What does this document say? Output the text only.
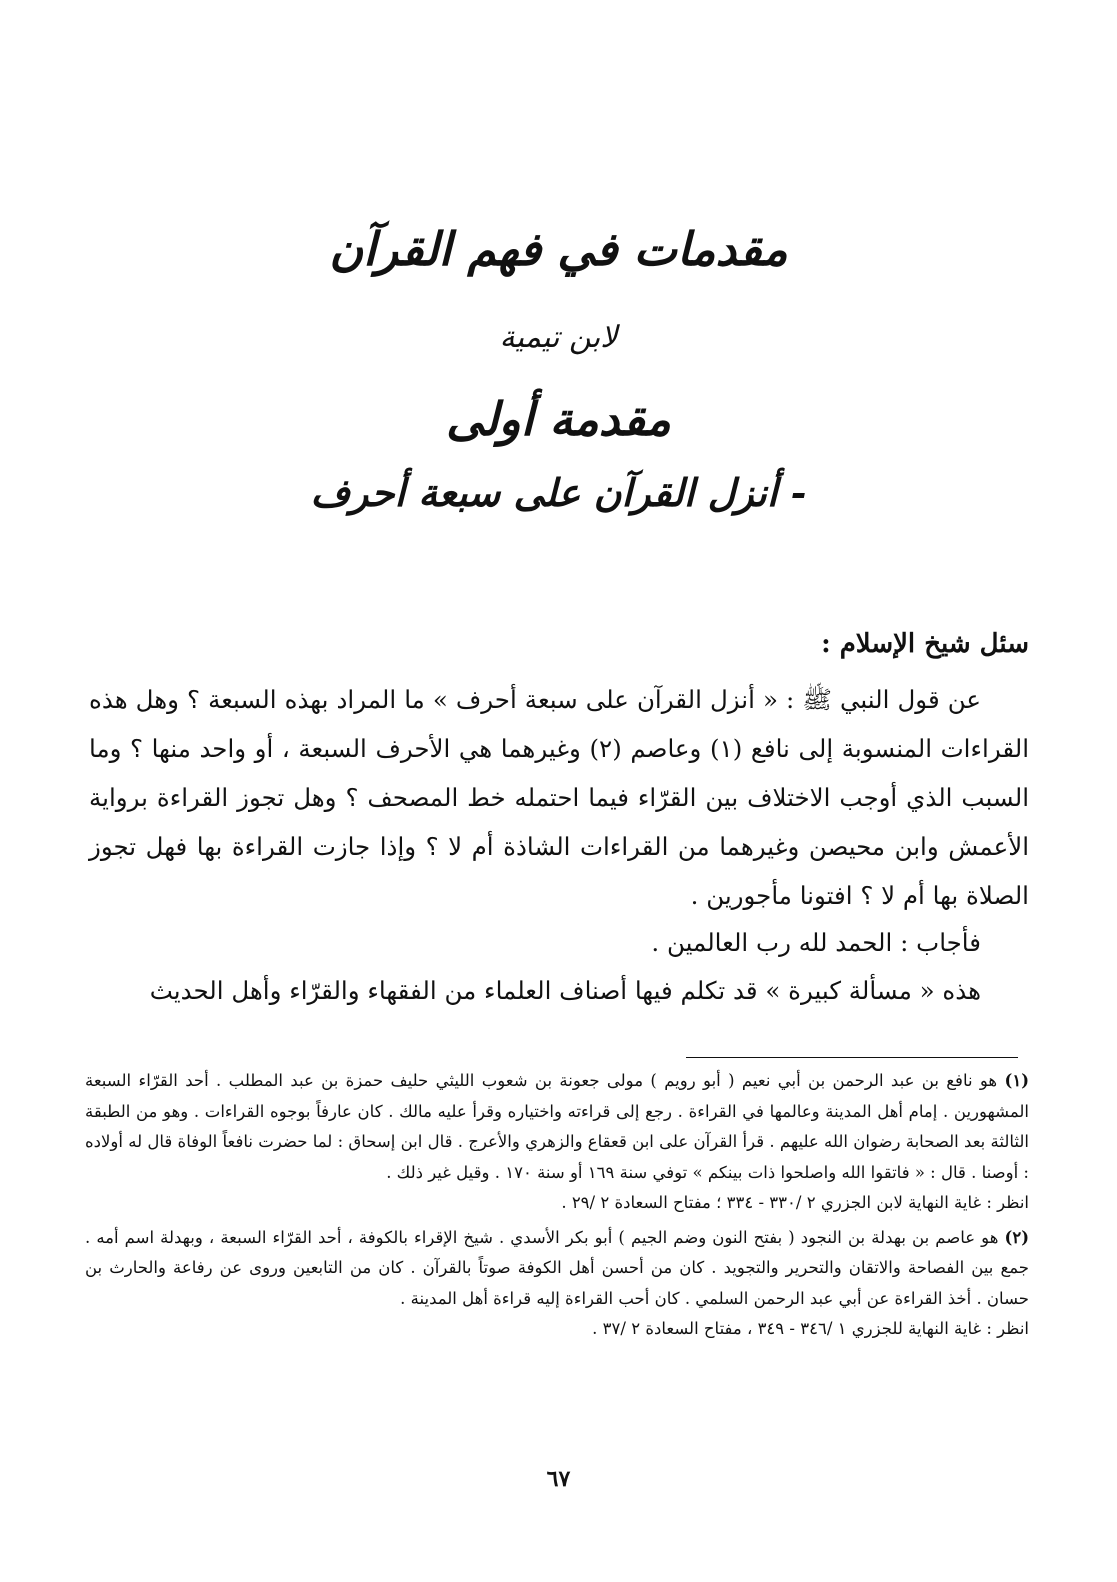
مقدمات في فهم القرآن
لابن تيمية
مقدمة أولى
- أنزل القرآن على سبعة أحرف
سئل شيخ الإسلام :
عن قول النبي ﷺ : « أنزل القرآن على سبعة أحرف » ما المراد بهذه السبعة ؟ وهل هذه القراءات المنسوبة إلى نافع (١) وعاصم (٢) وغيرهما هي الأحرف السبعة ، أو واحد منها ؟ وما السبب الذي أوجب الاختلاف بين القرّاء فيما احتمله خط المصحف ؟ وهل تجوز القراءة برواية الأعمش وابن محيصن وغيرهما من القراءات الشاذة أم لا ؟ وإذا جازت القراءة بها فهل تجوز الصلاة بها أم لا ؟ افتونا مأجورين .
فأجاب : الحمد لله رب العالمين .
هذه « مسألة كبيرة » قد تكلم فيها أصناف العلماء من الفقهاء والقرّاء وأهل الحديث

(١) هو نافع بن عبد الرحمن بن أبي نعيم ( أبو رويم ) مولى جعونة بن شعوب الليثي حليف حمزة بن عبد المطلب . أحد القرّاء السبعة المشهورين . إمام أهل المدينة وعالمها في القراءة . رجع إلى قراءته واختياره وقرأ عليه مالك . كان عارفاً بوجوه القراءات . وهو من الطبقة الثالثة بعد الصحابة رضوان الله عليهم . قرأ القرآن على ابن قعقاع والزهري والأعرج . قال ابن إسحاق : لما حضرت نافعاً الوفاة قال له أولاده : أوصنا . قال : « فاتقوا الله واصلحوا ذات بينكم » توفي سنة ١٦٩ أو سنة ١٧٠ . وقيل غير ذلك .

انظر : غاية النهاية لابن الجزري ٢ /٣٣٠ - ٣٣٤ ؛ مفتاح السعادة ٢ /٢٩ .

(٢) هو عاصم بن بهدلة بن النجود ( بفتح النون وضم الجيم ) أبو بكر الأسدي . شيخ الإقراء بالكوفة ، أحد القرّاء السبعة ، وبهدلة اسم أمه . جمع بين الفصاحة والاتقان والتحرير والتجويد . كان من أحسن أهل الكوفة صوتاً بالقرآن . كان من التابعين وروى عن رفاعة والحارث بن حسان . أخذ القراءة عن أبي عبد الرحمن السلمي . كان أحب القراءة إليه قراءة أهل المدينة .

انظر : غاية النهاية للجزري ١ /٣٤٦ - ٣٤٩ ، مفتاح السعادة ٢ /٣٧ .

٦٧
